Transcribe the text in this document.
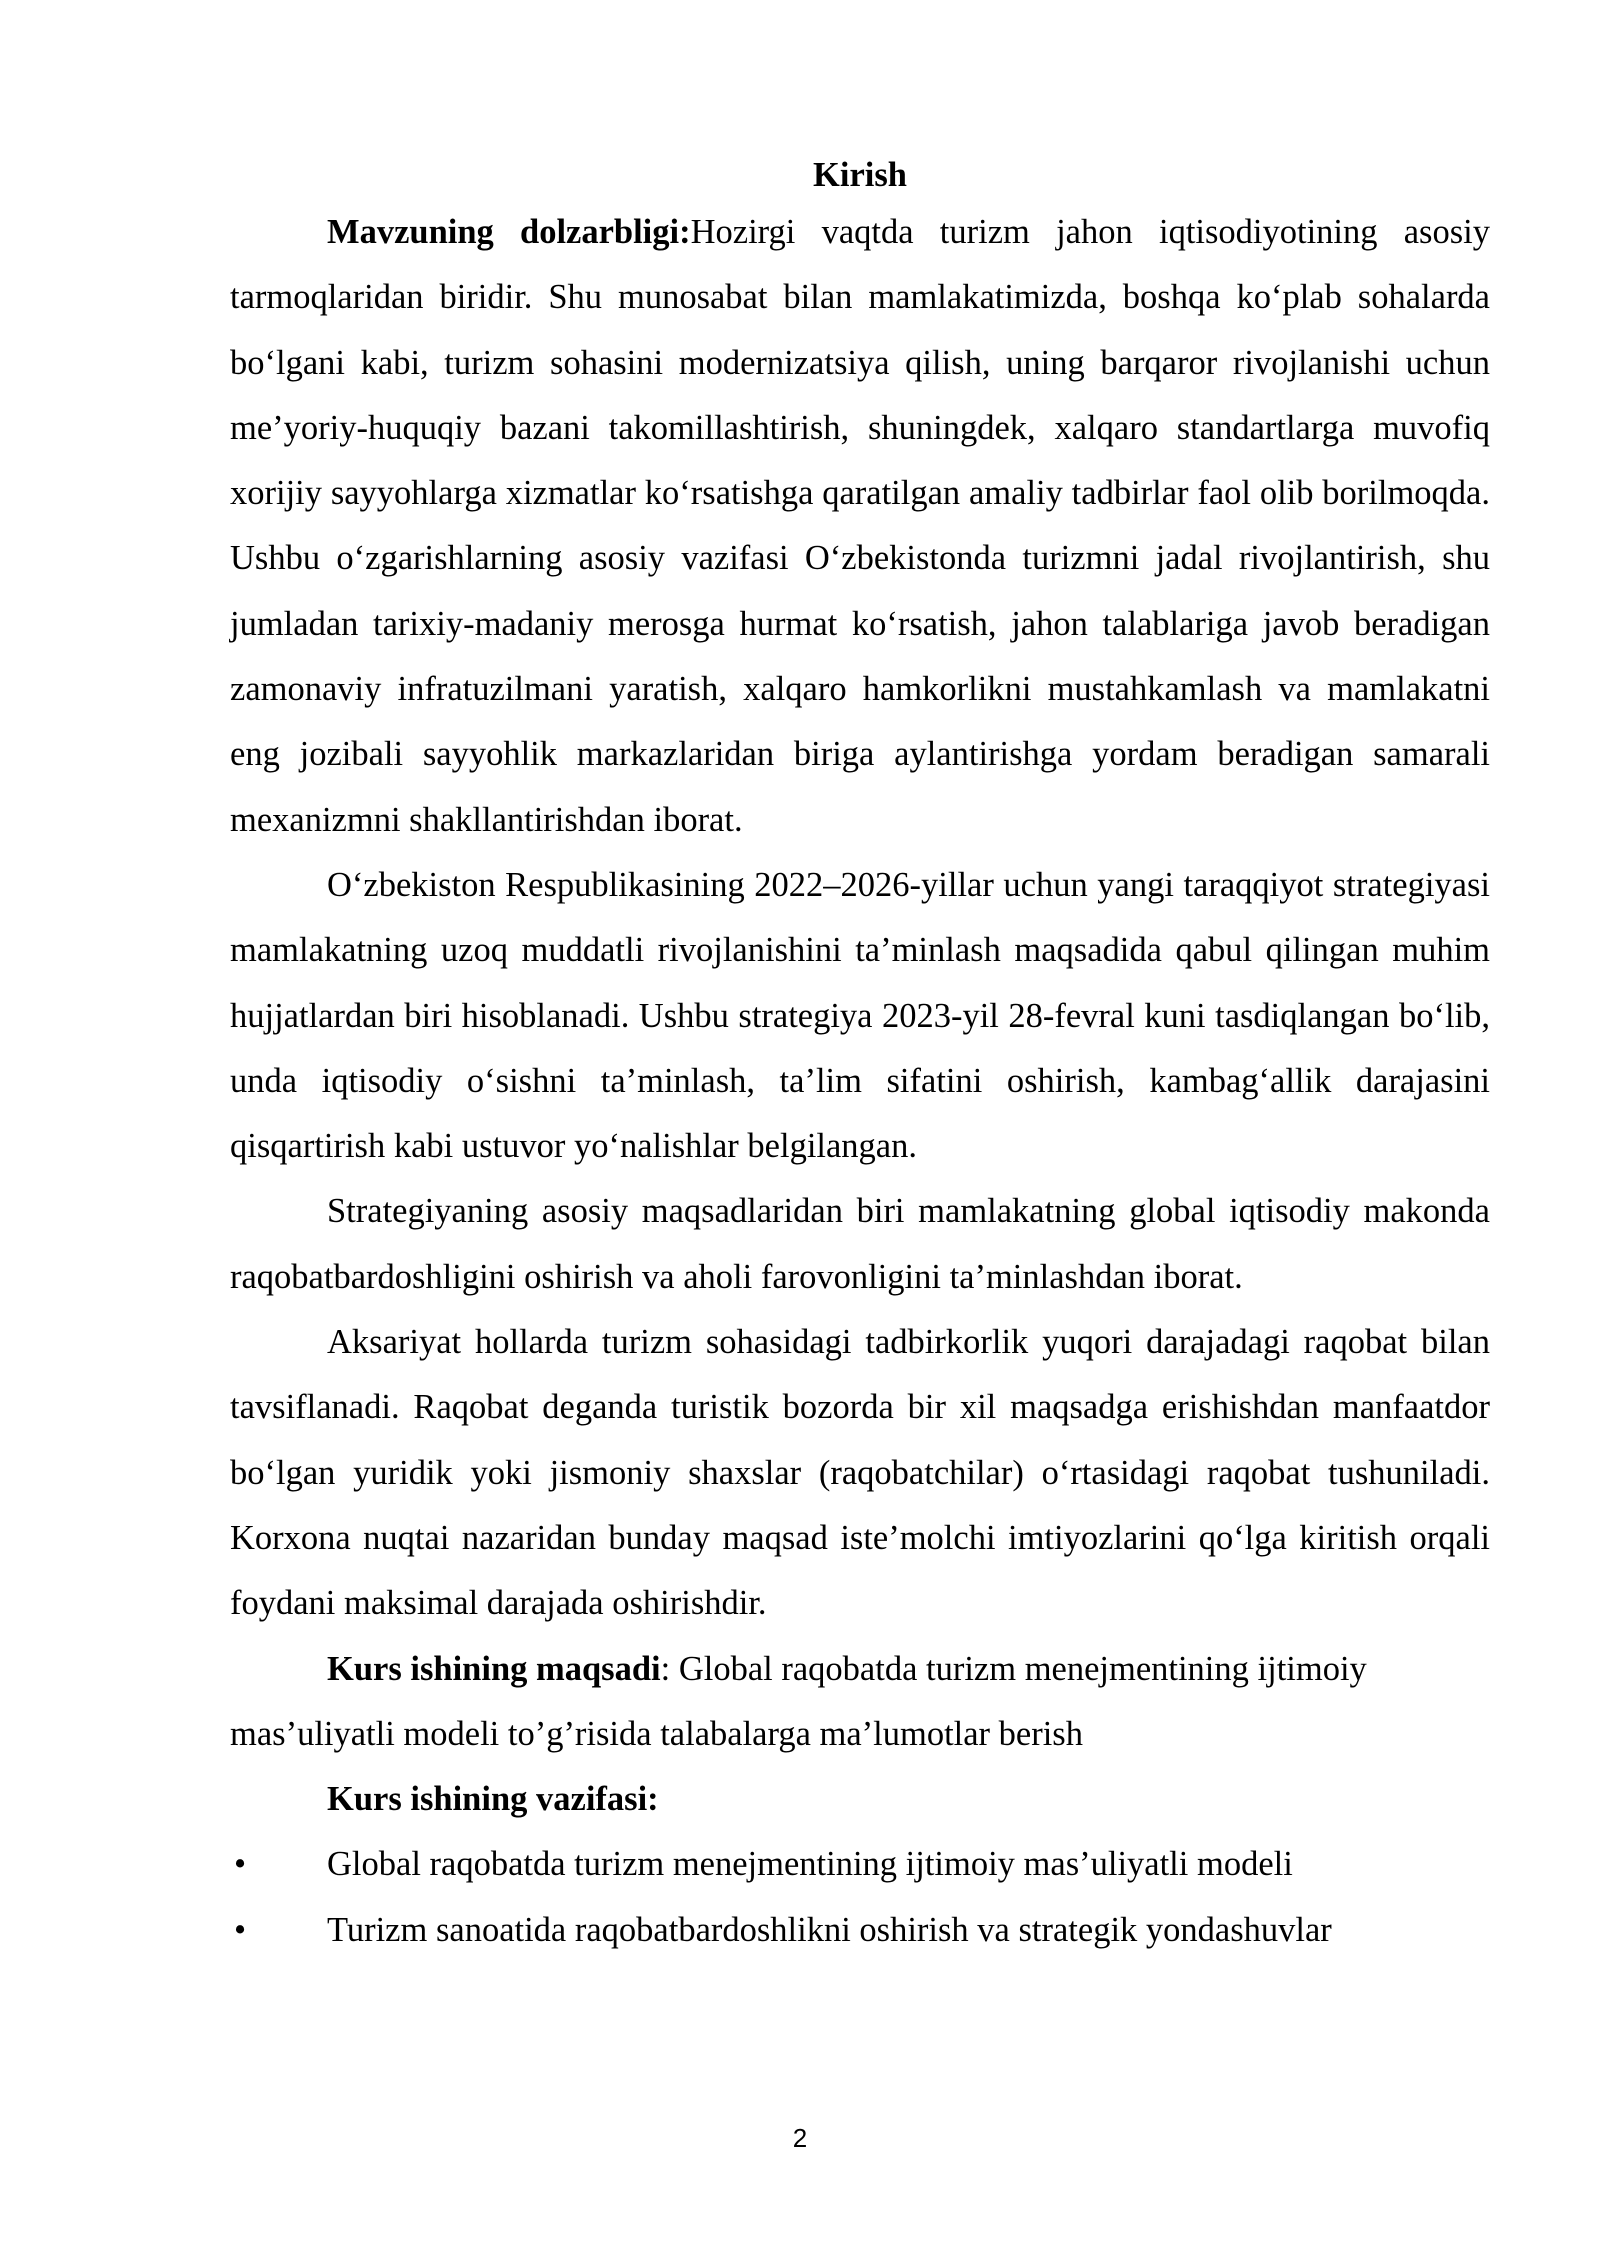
Kirish

Mavzuning dolzarbligi:Hozirgi vaqtda turizm jahon iqtisodiyotining asosiy tarmoqlaridan biridir. Shu munosabat bilan mamlakatimizda, boshqa ko‘plab sohalarda bo‘lgani kabi, turizm sohasini modernizatsiya qilish, uning barqaror rivojlanishi uchun me’yoriy-huquqiy bazani takomillashtirish, shuningdek, xalqaro standartlarga muvofiq xorijiy sayyohlarga xizmatlar ko‘rsatishga qaratilgan amaliy tadbirlar faol olib borilmoqda. Ushbu o‘zgarishlarning asosiy vazifasi O‘zbekistonda turizmni jadal rivojlantirish, shu jumladan tarixiy-madaniy merosga hurmat ko‘rsatish, jahon talablariga javob beradigan zamonaviy infratuzilmani yaratish, xalqaro hamkorlikni mustahkamlash va mamlakatni eng jozibali sayyohlik markazlaridan biriga aylantirishga yordam beradigan samarali mexanizmni shakllantirishdan iborat.

O‘zbekiston Respublikasining 2022–2026-yillar uchun yangi taraqqiyot strategiyasi mamlakatning uzoq muddatli rivojlanishini ta’minlash maqsadida qabul qilingan muhim hujjatlardan biri hisoblanadi. Ushbu strategiya 2023-yil 28-fevral kuni tasdiqlangan bo‘lib, unda iqtisodiy o‘sishni ta’minlash, ta’lim sifatini oshirish, kambag‘allik darajasini qisqartirish kabi ustuvor yo‘nalishlar belgilangan.

Strategiyaning asosiy maqsadlaridan biri mamlakatning global iqtisodiy makonda raqobatbardoshligini oshirish va aholi farovonligini ta’minlashdan iborat.

Aksariyat hollarda turizm sohasidagi tadbirkorlik yuqori darajadagi raqobat bilan tavsiflanadi. Raqobat deganda turistik bozorda bir xil maqsadga erishishdan manfaatdor bo‘lgan yuridik yoki jismoniy shaxslar (raqobatchilar) o‘rtasidagi raqobat tushuniladi. Korxona nuqtai nazaridan bunday maqsad iste’molchi imtiyozlarini qo‘lga kiritish orqali foydani maksimal darajada oshirishdir.

Kurs ishining maqsadi: Global raqobatda turizm menejmentining ijtimoiy mas’uliyatli modeli to’g’risida talabalarga ma’lumotlar berish

Kurs ishining vazifasi:
• Global raqobatda turizm menejmentining ijtimoiy mas’uliyatli modeli
• Turizm sanoatida raqobatbardoshlikni oshirish va strategik yondashuvlar
2
